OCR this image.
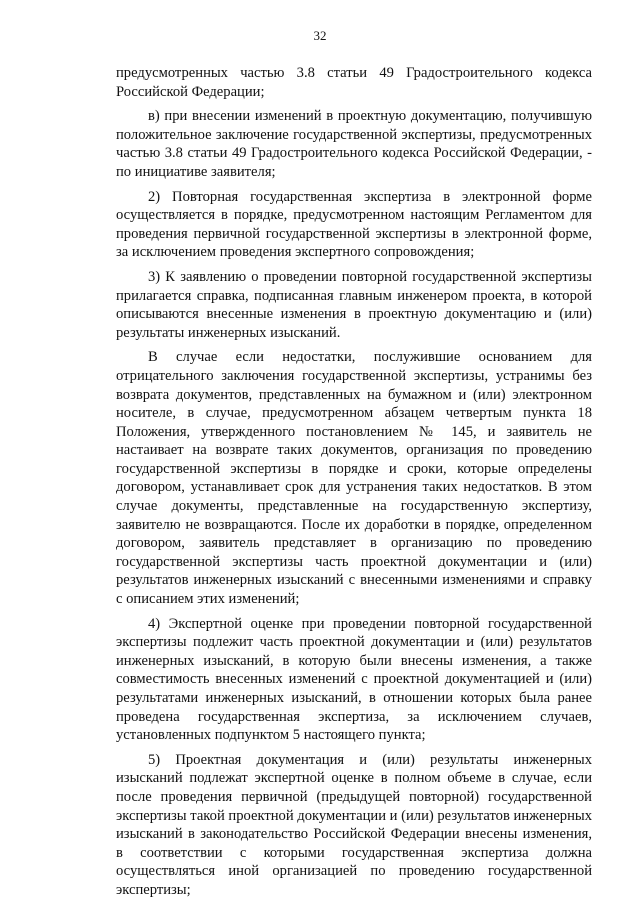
32

предусмотренных частью 3.8 статьи 49 Градостроительного кодекса Российской Федерации;

в) при внесении изменений в проектную документацию, получившую положительное заключение государственной экспертизы, предусмотренных частью 3.8 статьи 49 Градостроительного кодекса Российской Федерации, - по инициативе заявителя;

2) Повторная государственная экспертиза в электронной форме осуществляется в порядке, предусмотренном настоящим Регламентом для проведения первичной государственной экспертизы в электронной форме, за исключением проведения экспертного сопровождения;

3) К заявлению о проведении повторной государственной экспертизы прилагается справка, подписанная главным инженером проекта, в которой описываются внесенные изменения в проектную документацию и (или) результаты инженерных изысканий.

В случае если недостатки, послужившие основанием для отрицательного заключения государственной экспертизы, устранимы без возврата документов, представленных на бумажном и (или) электронном носителе, в случае, предусмотренном абзацем четвертым пункта 18 Положения, утвержденного постановлением № 145, и заявитель не настаивает на возврате таких документов, организация по проведению государственной экспертизы в порядке и сроки, которые определены договором, устанавливает срок для устранения таких недостатков. В этом случае документы, представленные на государственную экспертизу, заявителю не возвращаются. После их доработки в порядке, определенном договором, заявитель представляет в организацию по проведению государственной экспертизы часть проектной документации и (или) результатов инженерных изысканий с внесенными изменениями и справку с описанием этих изменений;

4) Экспертной оценке при проведении повторной государственной экспертизы подлежит часть проектной документации и (или) результатов инженерных изысканий, в которую были внесены изменения, а также совместимость внесенных изменений с проектной документацией и (или) результатами инженерных изысканий, в отношении которых была ранее проведена государственная экспертиза, за исключением случаев, установленных подпунктом 5 настоящего пункта;

5) Проектная документация и (или) результаты инженерных изысканий подлежат экспертной оценке в полном объеме в случае, если после проведения первичной (предыдущей повторной) государственной экспертизы такой проектной документации и (или) результатов инженерных изысканий в законодательство Российской Федерации внесены изменения, в соответствии с которыми государственная экспертиза должна осуществляться иной организацией по проведению государственной экспертизы;
